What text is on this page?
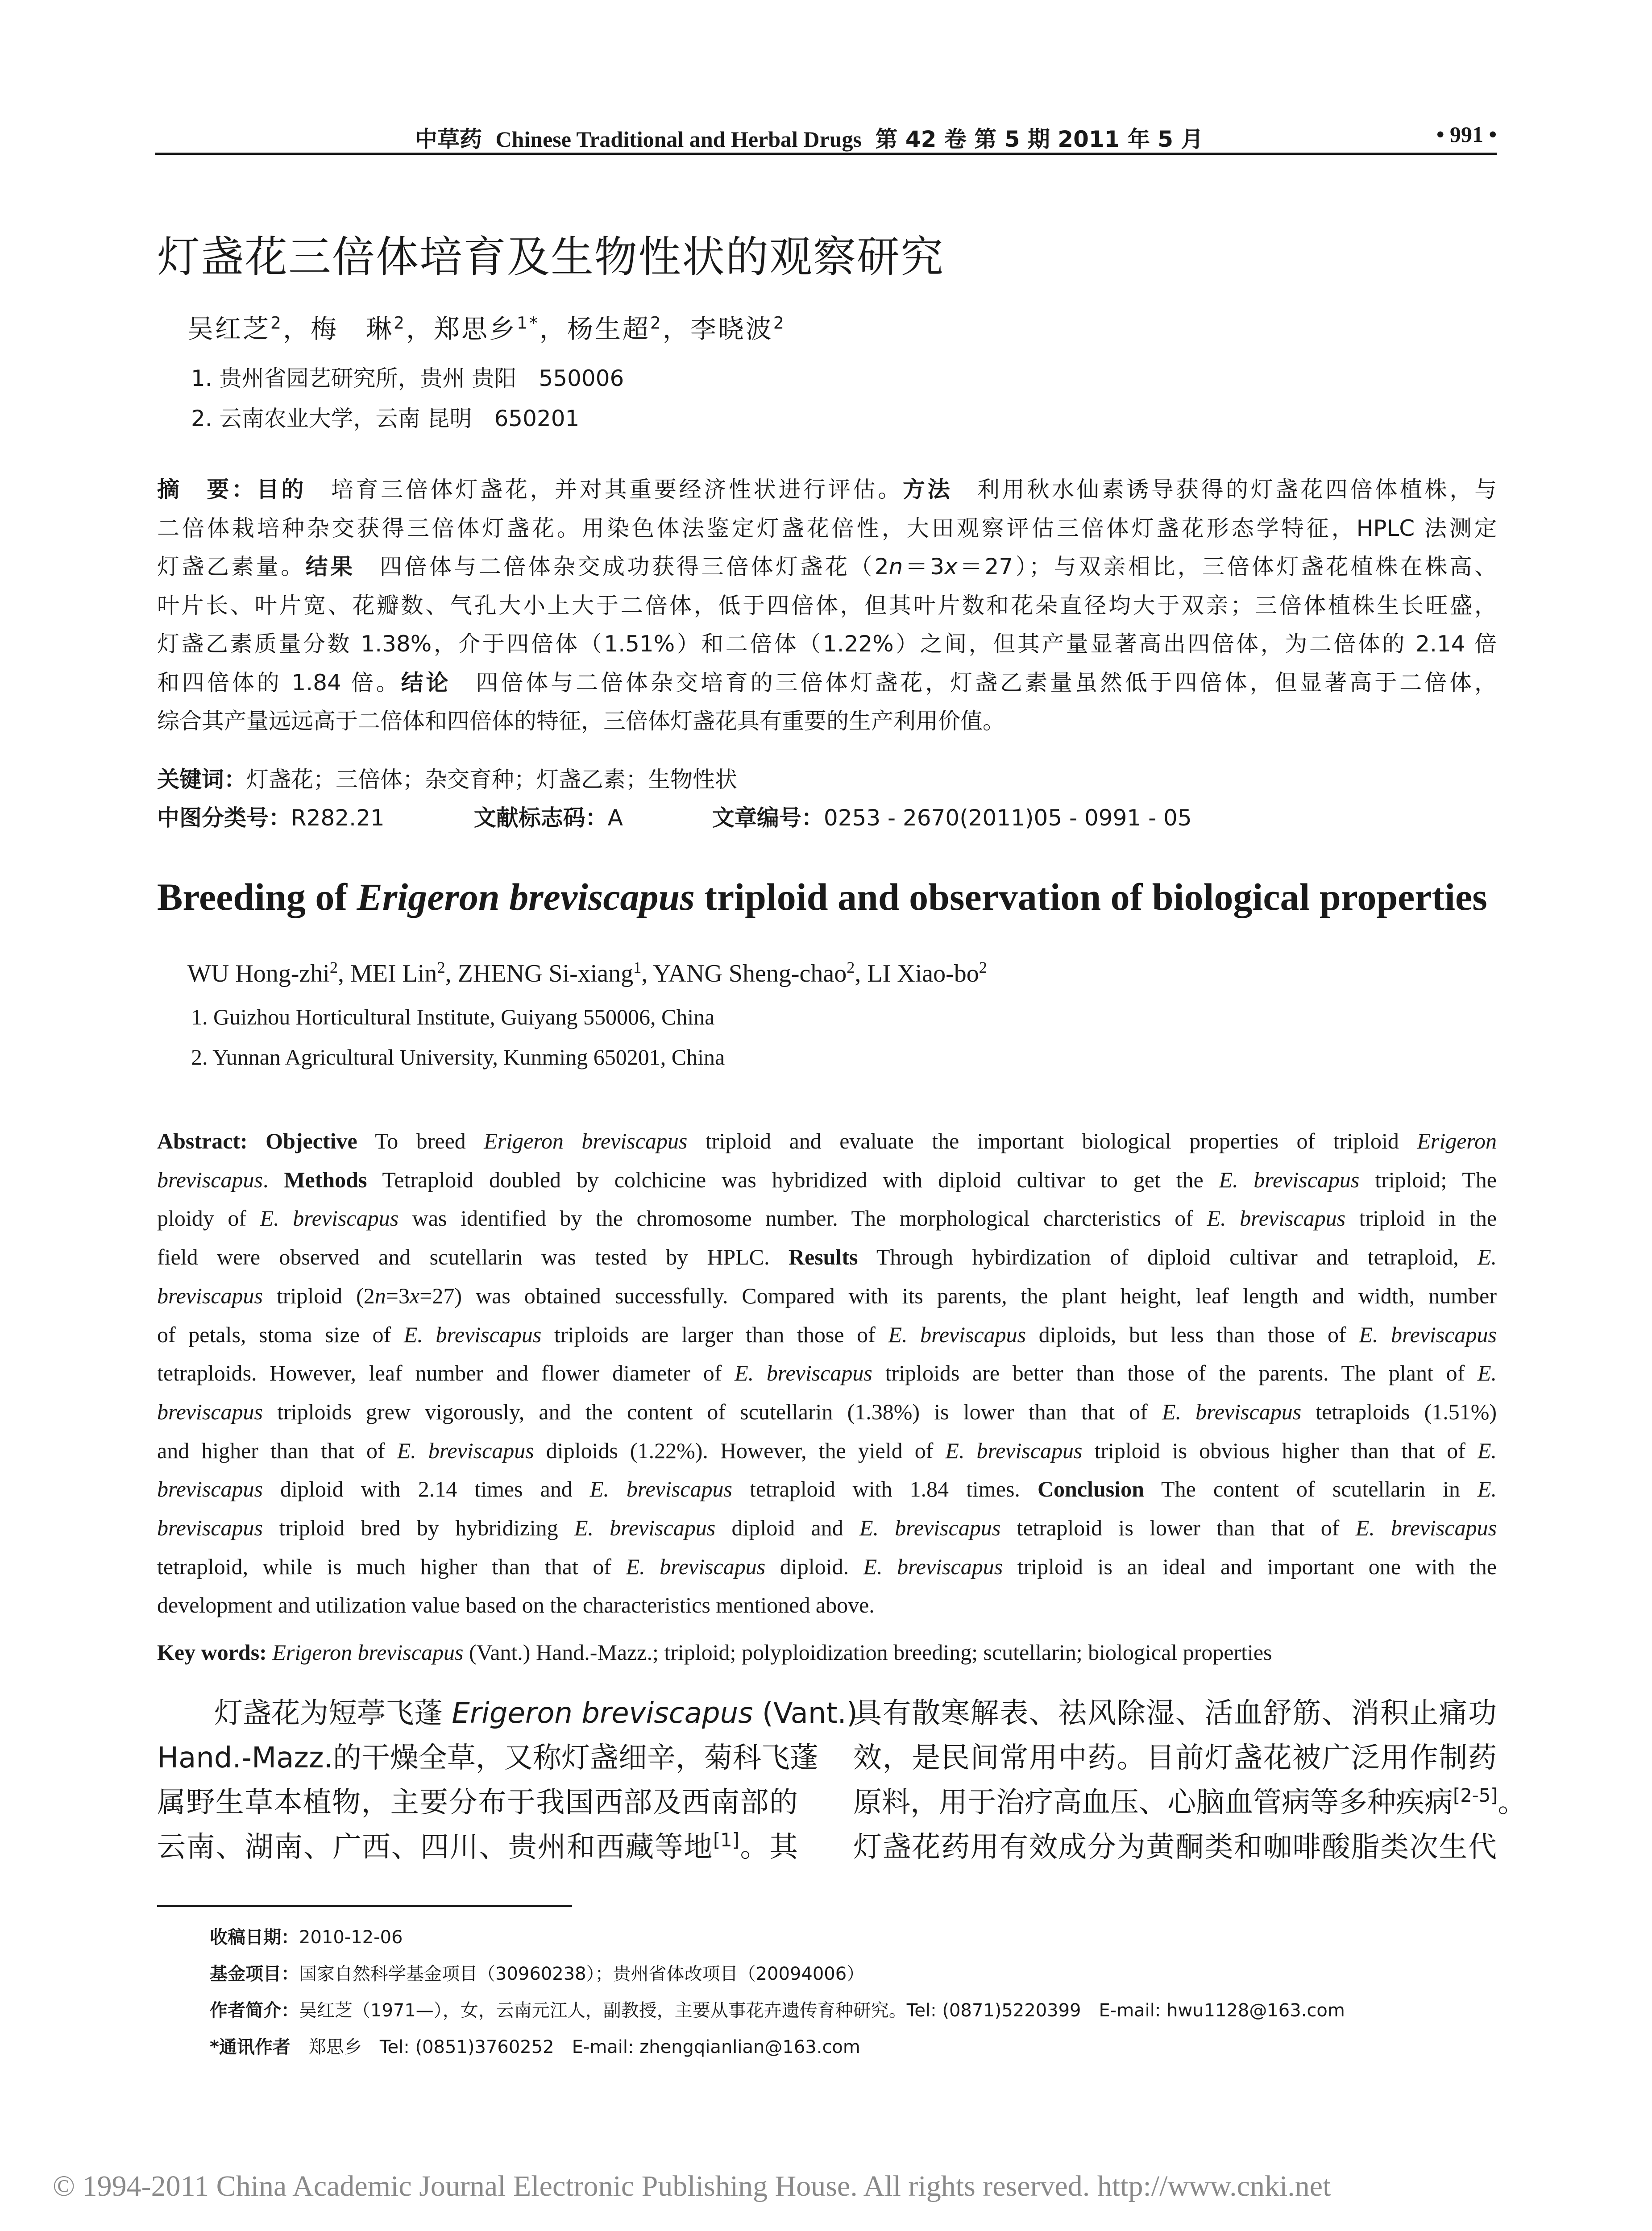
中草药 Chinese Traditional and Herbal Drugs 第 42 卷 第 5 期 2011 年 5 月	• 991 •
灯盏花三倍体培育及生物性状的观察研究
吴红芝$^2$，梅　琳$^2$，郑思乡$^{1*}$，杨生超$^2$，李晓波$^2$
1. 贵州省园艺研究所，贵州 贵阳　550006
2. 云南农业大学，云南 昆明　650201
摘　要：目的　培育三倍体灯盏花，并对其重要经济性状进行评估。方法　利用秋水仙素诱导获得的灯盏花四倍体植株，与
二倍体栽培种杂交获得三倍体灯盏花。用染色体法鉴定灯盏花倍性，大田观察评估三倍体灯盏花形态学特征，HPLC 法测定
灯盏乙素量。结果　四倍体与二倍体杂交成功获得三倍体灯盏花（2n＝3x＝27）；与双亲相比，三倍体灯盏花植株在株高、
叶片长、叶片宽、花瓣数、气孔大小上大于二倍体，低于四倍体，但其叶片数和花朵直径均大于双亲；三倍体植株生长旺盛，
灯盏乙素质量分数 1.38%，介于四倍体（1.51%）和二倍体（1.22%）之间，但其产量显著高出四倍体，为二倍体的 2.14 倍
和四倍体的 1.84 倍。结论　四倍体与二倍体杂交培育的三倍体灯盏花，灯盏乙素量虽然低于四倍体，但显著高于二倍体，
综合其产量远远高于二倍体和四倍体的特征，三倍体灯盏花具有重要的生产利用价值。
关键词：灯盏花；三倍体；杂交育种；灯盏乙素；生物性状
中图分类号：R282.21	文献标志码：A	文章编号：0253 - 2670(2011)05 - 0991 - 05
Breeding of Erigeron breviscapus triploid and observation of biological properties
WU Hong-zhi$^2$, MEI Lin$^2$, ZHENG Si-xiang$^1$, YANG Sheng-chao$^2$, LI Xiao-$bo^2$
1. Guizhou Horticultural Institute, Guiyang 550006, China
2. Yunnan Agricultural University, Kunming 650201, China
Abstract: Objective To breed Erigeron breviscapus triploid and evaluate the important biological properties of triploid Erigeron
breviscapus. Methods Tetraploid doubled by colchicine was hybridized with diploid cultivar to get the E. breviscapus triploid; The
ploidy of E. breviscapus was identified by the chromosome number. The morphological charcteristics of E. breviscapus triploid in the
field were observed and scutellarin was tested by HPLC. Results Through hybirdization of diploid cultivar and tetraploid, E.
breviscapus triploid (2n=3x=27) was obtained successfully. Compared with its parents, the plant height, leaf length and width, number
of petals, stoma size of E. breviscapus triploids are larger than those of E. breviscapus diploids, but less than those of E. breviscapus
tetraploids. However, leaf number and flower diameter of E. breviscapus triploids are better than those of the parents. The plant of E.
breviscapus triploids grew vigorously, and the content of scutellarin (1.38%) is lower than that of E. breviscapus tetraploids (1.51%)
and higher than that of E. breviscapus diploids (1.22%). However, the yield of E. breviscapus triploid is obvious higher than that of E.
breviscapus diploid with 2.14 times and E. breviscapus tetraploid with 1.84 times. Conclusion The content of scutellarin in E.
breviscapus triploid bred by hybridizing E. breviscapus diploid and E. breviscapus tetraploid is lower than that of E. breviscapus
tetraploid, while is much higher than that of E. breviscapus diploid. E. breviscapus triploid is an ideal and important one with the
development and utilization value based on the characteristics mentioned above.
Key words: Erigeron breviscapus (Vant.) Hand.-Mazz.; triploid; polyploidization breeding; scutellarin; biological properties
　　灯盏花为短葶飞蓬 Erigeron breviscapus (Vant.)
Hand.-Mazz.的干燥全草，又称灯盏细辛，菊科飞蓬
属野生草本植物，主要分布于我国西部及西南部的
云南、湖南、广西、四川、贵州和西藏等地[1]。其
具有散寒解表、祛风除湿、活血舒筋、消积止痛功
效，是民间常用中药。目前灯盏花被广泛用作制药
原料，用于治疗高血压、心脑血管病等多种疾病[2-5]。
灯盏花药用有效成分为黄酮类和咖啡酸脂类次生代
收稿日期：2010-12-06
基金项目：国家自然科学基金项目（30960238）；贵州省体改项目（20094006）
作者简介：吴红芝（1971—），女，云南元江人，副教授，主要从事花卉遗传育种研究。Tel: (0871)5220399　E-mail: hwu1128@163.com
*通讯作者　郑思乡　Tel: (0851)3760252　E-mail: zhengqianlian@163.com
© 1994-2011 China Academic Journal Electronic Publishing House. All rights reserved. http://www.cnki.net
